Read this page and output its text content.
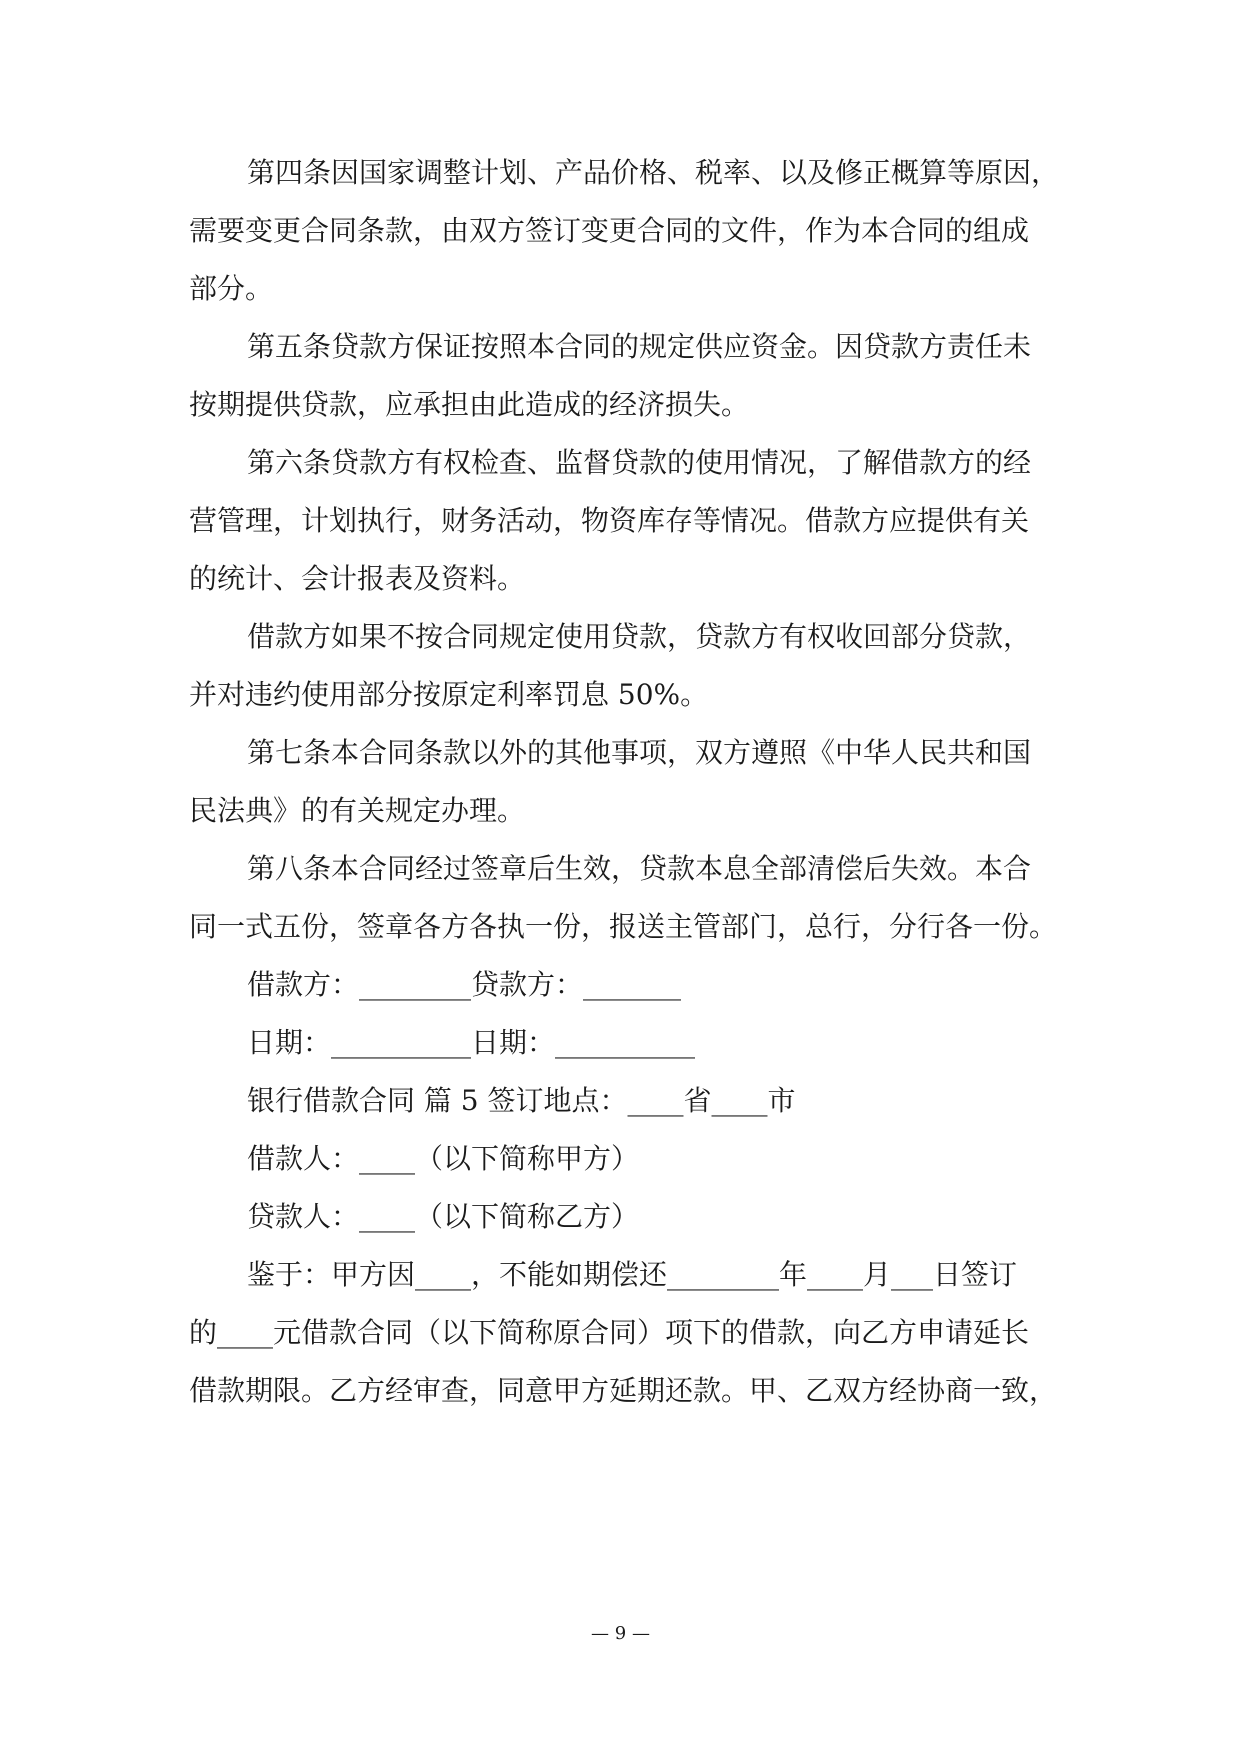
第四条因国家调整计划、产品价格、税率、以及修正概算等原因，
需要变更合同条款，由双方签订变更合同的文件，作为本合同的组成
部分。
第五条贷款方保证按照本合同的规定供应资金。因贷款方责任未
按期提供贷款，应承担由此造成的经济损失。
第六条贷款方有权检查、监督贷款的使用情况，了解借款方的经
营管理，计划执行，财务活动，物资库存等情况。借款方应提供有关
的统计、会计报表及资料。
借款方如果不按合同规定使用贷款，贷款方有权收回部分贷款，
并对违约使用部分按原定利率罚息 50%。
第七条本合同条款以外的其他事项，双方遵照《中华人民共和国
民法典》的有关规定办理。
第八条本合同经过签章后生效，贷款本息全部清偿后失效。本合
同一式五份，签章各方各执一份，报送主管部门，总行，分行各一份。
借款方：________贷款方：_______
日期：__________日期：__________
银行借款合同 篇 5 签订地点：____省____市
借款人：____（以下简称甲方）
贷款人：____（以下简称乙方）
鉴于：甲方因____，不能如期偿还________年____月___日签订
的____元借款合同（以下简称原合同）项下的借款，向乙方申请延长
借款期限。乙方经审查，同意甲方延期还款。甲、乙双方经协商一致，
— 9 —
